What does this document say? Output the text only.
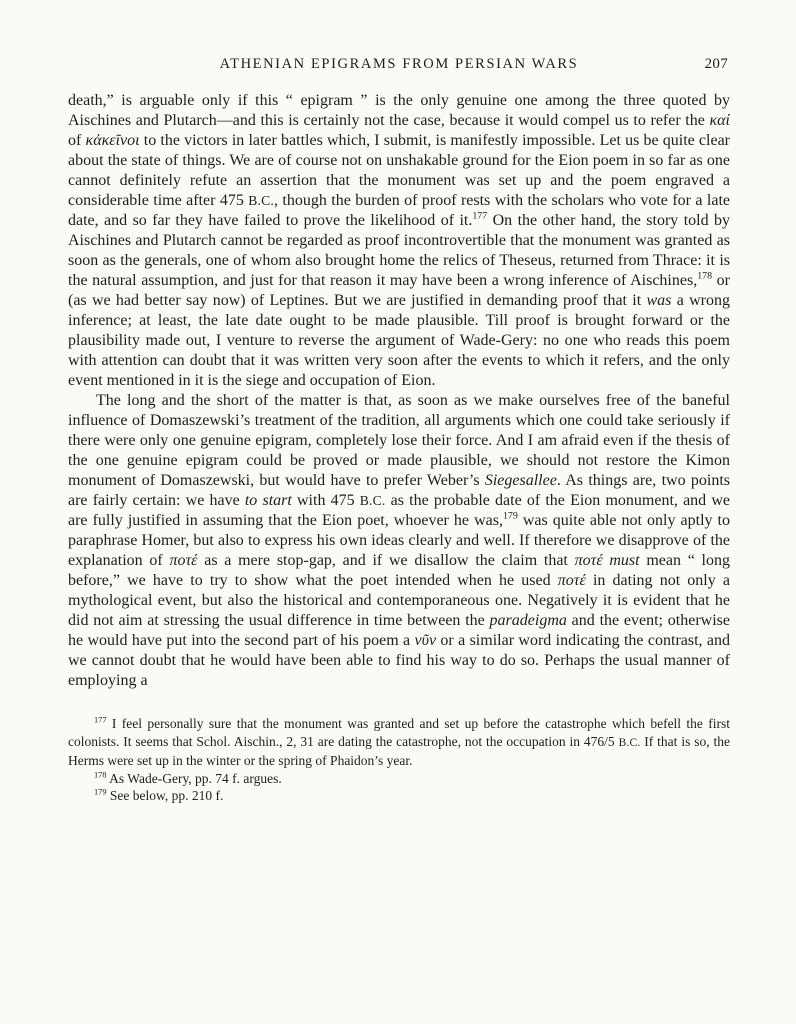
ATHENIAN EPIGRAMS FROM PERSIAN WARS	207

death,” is arguable only if this “ epigram ” is the only genuine one among the three quoted by Aischines and Plutarch—and this is certainly not the case, because it would compel us to refer the καί of κἀκεῖνοι to the victors in later battles which, I submit, is manifestly impossible. Let us be quite clear about the state of things. We are of course not on unshakable ground for the Eion poem in so far as one cannot definitely refute an assertion that the monument was set up and the poem engraved a considerable time after 475 B.C., though the burden of proof rests with the scholars who vote for a late date, and so far they have failed to prove the likelihood of it.$^{177}$ On the other hand, the story told by Aischines and Plutarch cannot be regarded as proof incontrovertible that the monument was granted as soon as the generals, one of whom also brought home the relics of Theseus, returned from Thrace: it is the natural assumption, and just for that reason it may have been a wrong inference of Aischines,$^{178}$ or (as we had better say now) of Leptines. But we are justified in demanding proof that it was a wrong inference; at least, the late date ought to be made plausible. Till proof is brought forward or the plausibility made out, I venture to reverse the argument of Wade-Gery: no one who reads this poem with attention can doubt that it was written very soon after the events to which it refers, and the only event mentioned in it is the siege and occupation of Eion.

The long and the short of the matter is that, as soon as we make ourselves free of the baneful influence of Domaszewski’s treatment of the tradition, all arguments which one could take seriously if there were only one genuine epigram, completely lose their force. And I am afraid even if the thesis of the one genuine epigram could be proved or made plausible, we should not restore the Kimon monument of Domaszewski, but would have to prefer Weber’s Siegesallee. As things are, two points are fairly certain: we have to start with 475 B.C. as the probable date of the Eion monument, and we are fully justified in assuming that the Eion poet, whoever he was,$^{179}$ was quite able not only aptly to paraphrase Homer, but also to express his own ideas clearly and well. If therefore we disapprove of the explanation of ποτέ as a mere stop-gap, and if we disallow the claim that ποτέ must mean “ long before,” we have to try to show what the poet intended when he used ποτέ in dating not only a mythological event, but also the historical and contemporaneous one. Negatively it is evident that he did not aim at stressing the usual difference in time between the paradeigma and the event; otherwise he would have put into the second part of his poem a νῦν or a similar word indicating the contrast, and we cannot doubt that he would have been able to find his way to do so. Perhaps the usual manner of employing a

$^{177}$ I feel personally sure that the monument was granted and set up before the catastrophe which befell the first colonists. It seems that Schol. Aischin., 2, 31 are dating the catastrophe, not the occupation in 476/5 B.C. If that is so, the Herms were set up in the winter or the spring of Phaidon’s year.

$^{178}$ As Wade-Gery, pp. 74 f. argues.

$^{179}$ See below, pp. 210 f.
